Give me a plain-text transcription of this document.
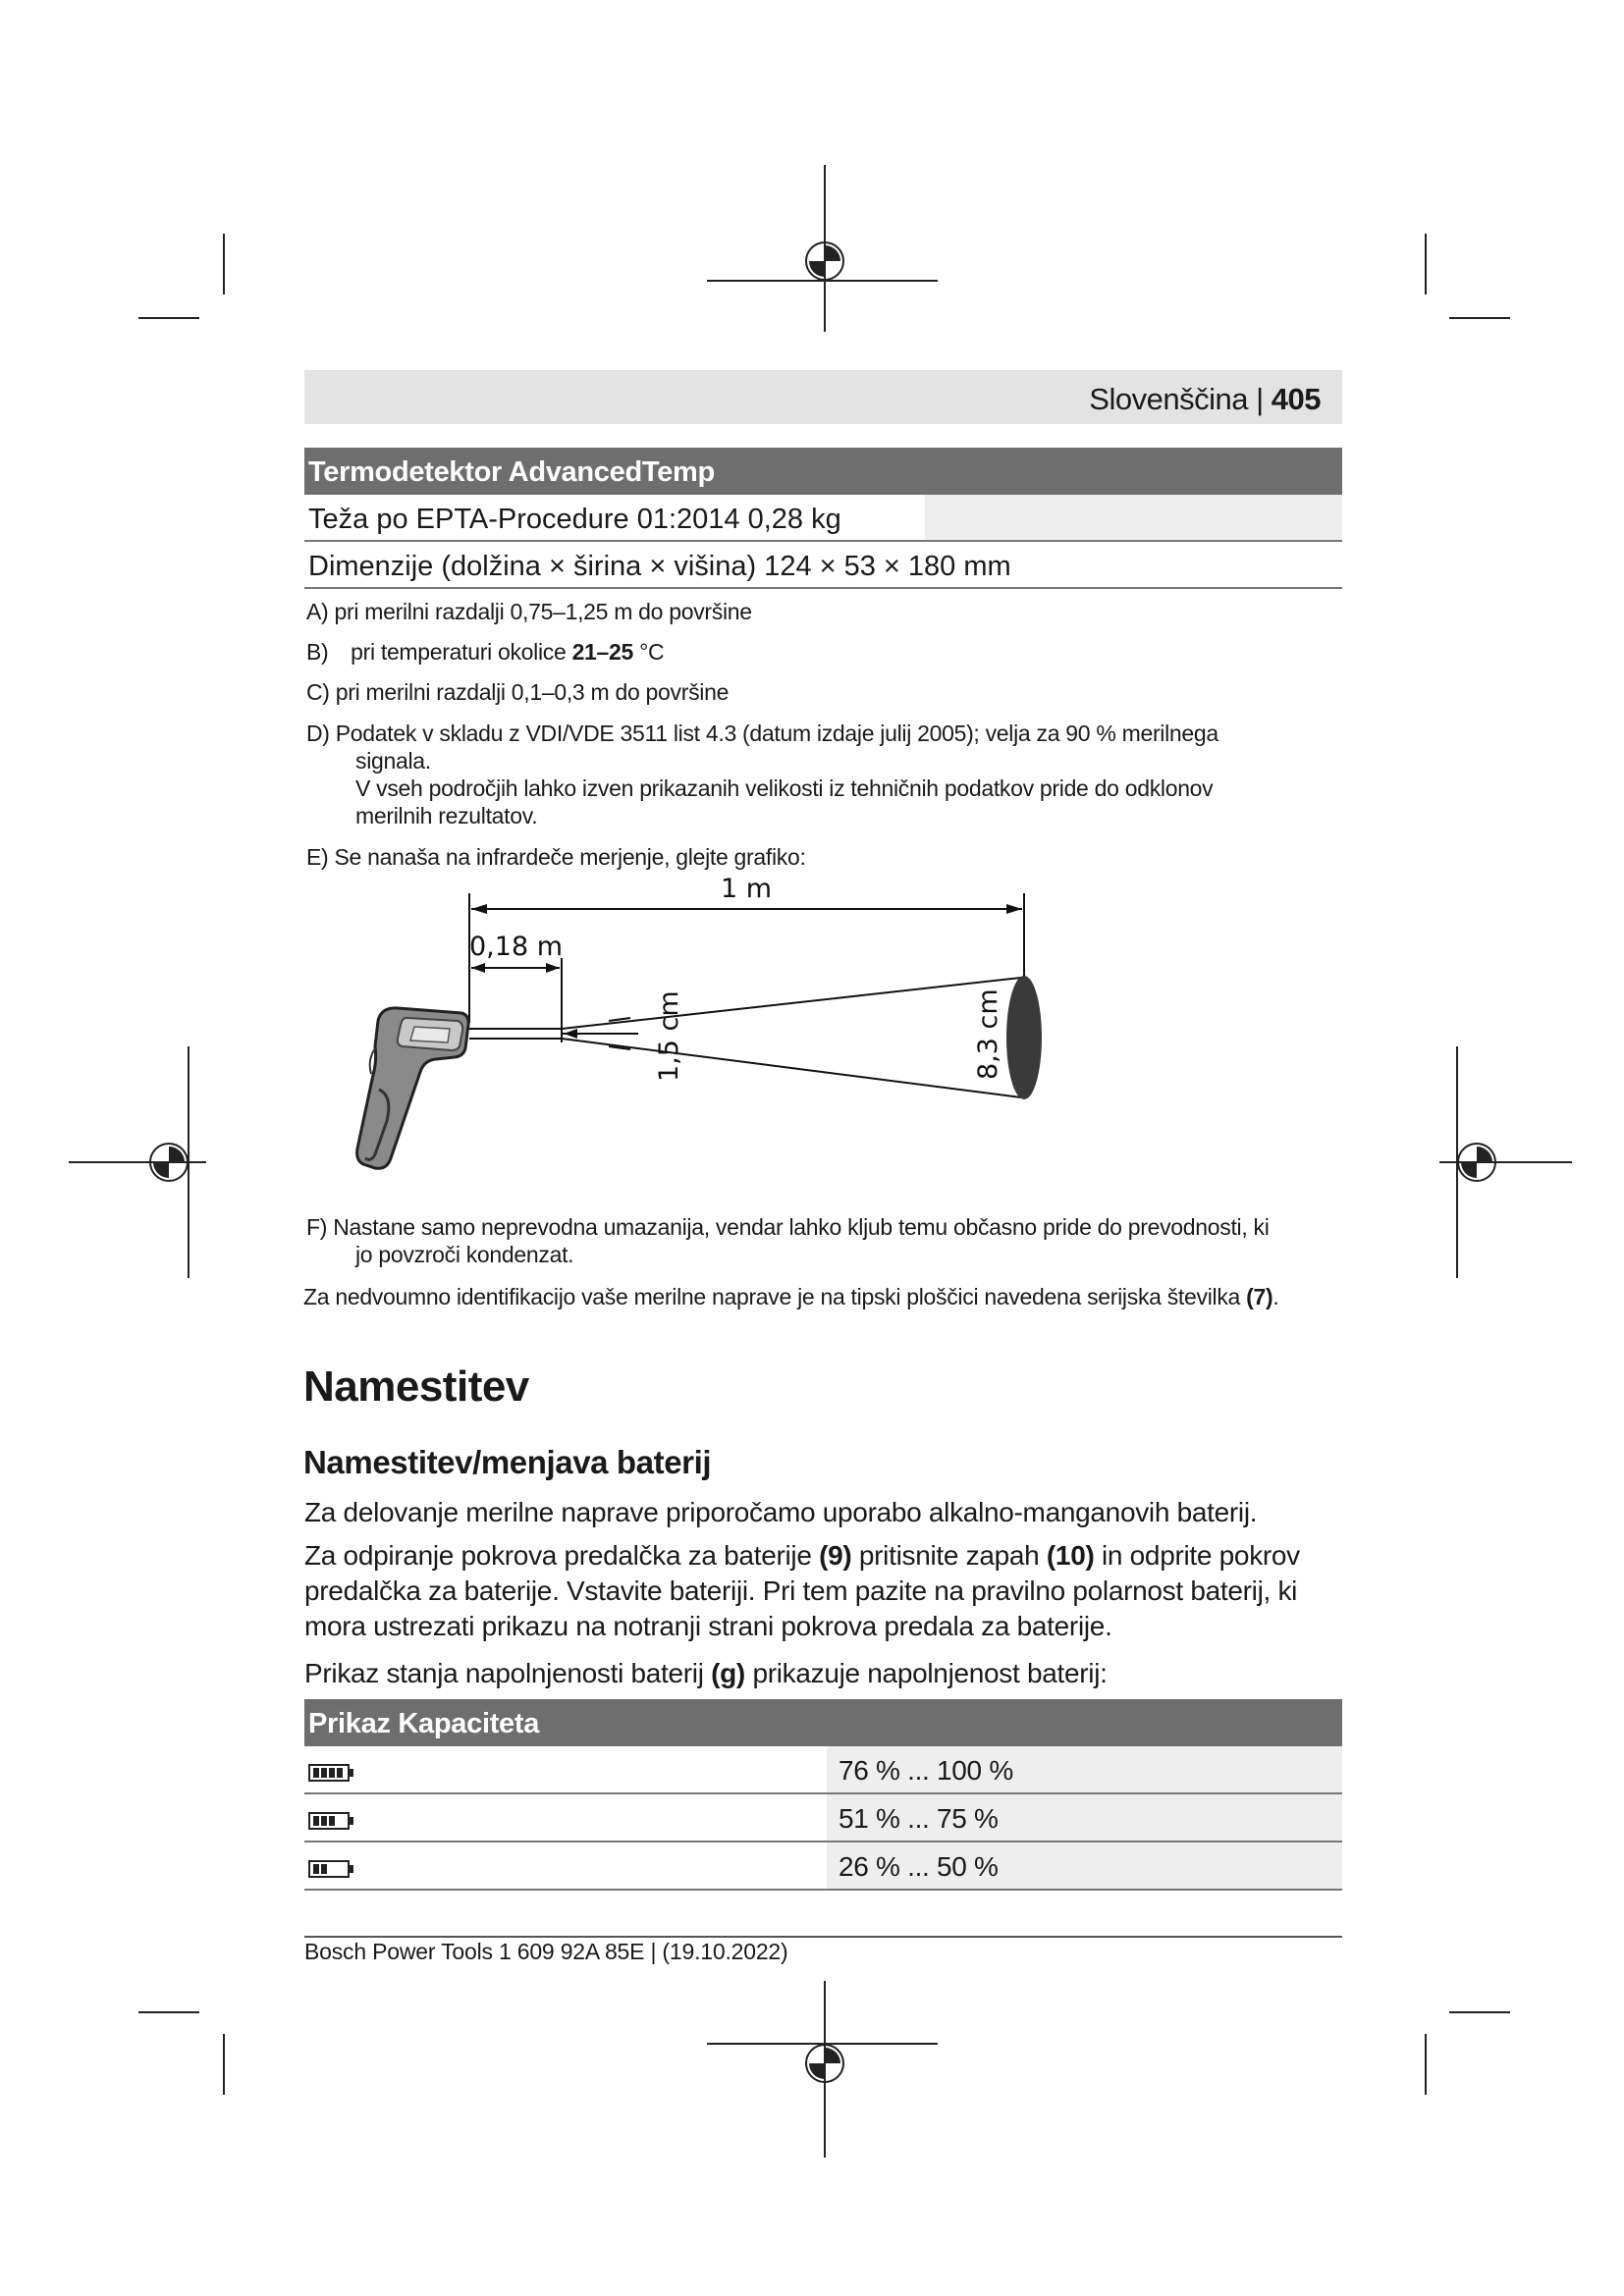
Slovenščina | 405
Termodetektor AdvancedTemp
Teža po EPTA-Procedure 01:2014 0,28 kg
Dimenzije (dolžina × širina × višina) 124 × 53 × 180 mm
A) pri merilni razdalji 0,75–1,25 m do površine
B) pri temperaturi okolice 21–25 °C
C) pri merilni razdalji 0,1–0,3 m do površine
D) Podatek v skladu z VDI/VDE 3511 list 4.3 (datum izdaje julij 2005); velja za 90 % merilnega
signala.
V vseh področjih lahko izven prikazanih velikosti iz tehničnih podatkov pride do odklonov
merilnih rezultatov.
E) Se nanaša na infrardeče merjenje, glejte grafiko:
1 m
0,18 m
1,5 cm	8,3 cm
F) Nastane samo neprevodna umazanija, vendar lahko kljub temu občasno pride do prevodnosti, ki
jo povzroči kondenzat.
Za nedvoumno identifikacijo vaše merilne naprave je na tipski ploščici navedena serijska številka (7).
Namestitev
Namestitev/menjava baterij
Za delovanje merilne naprave priporočamo uporabo alkalno-manganovih baterij.
Za odpiranje pokrova predalčka za baterije (9) pritisnite zapah (10) in odprite pokrov
predalčka za baterije. Vstavite bateriji. Pri tem pazite na pravilno polarnost baterij, ki
mora ustrezati prikazu na notranji strani pokrova predala za baterije.
Prikaz stanja napolnjenosti baterij (g) prikazuje napolnjenost baterij:
Prikaz Kapaciteta
76 % ... 100 %
51 % ... 75 %
26 % ... 50 %
Bosch Power Tools 1 609 92A 85E | (19.10.2022)
